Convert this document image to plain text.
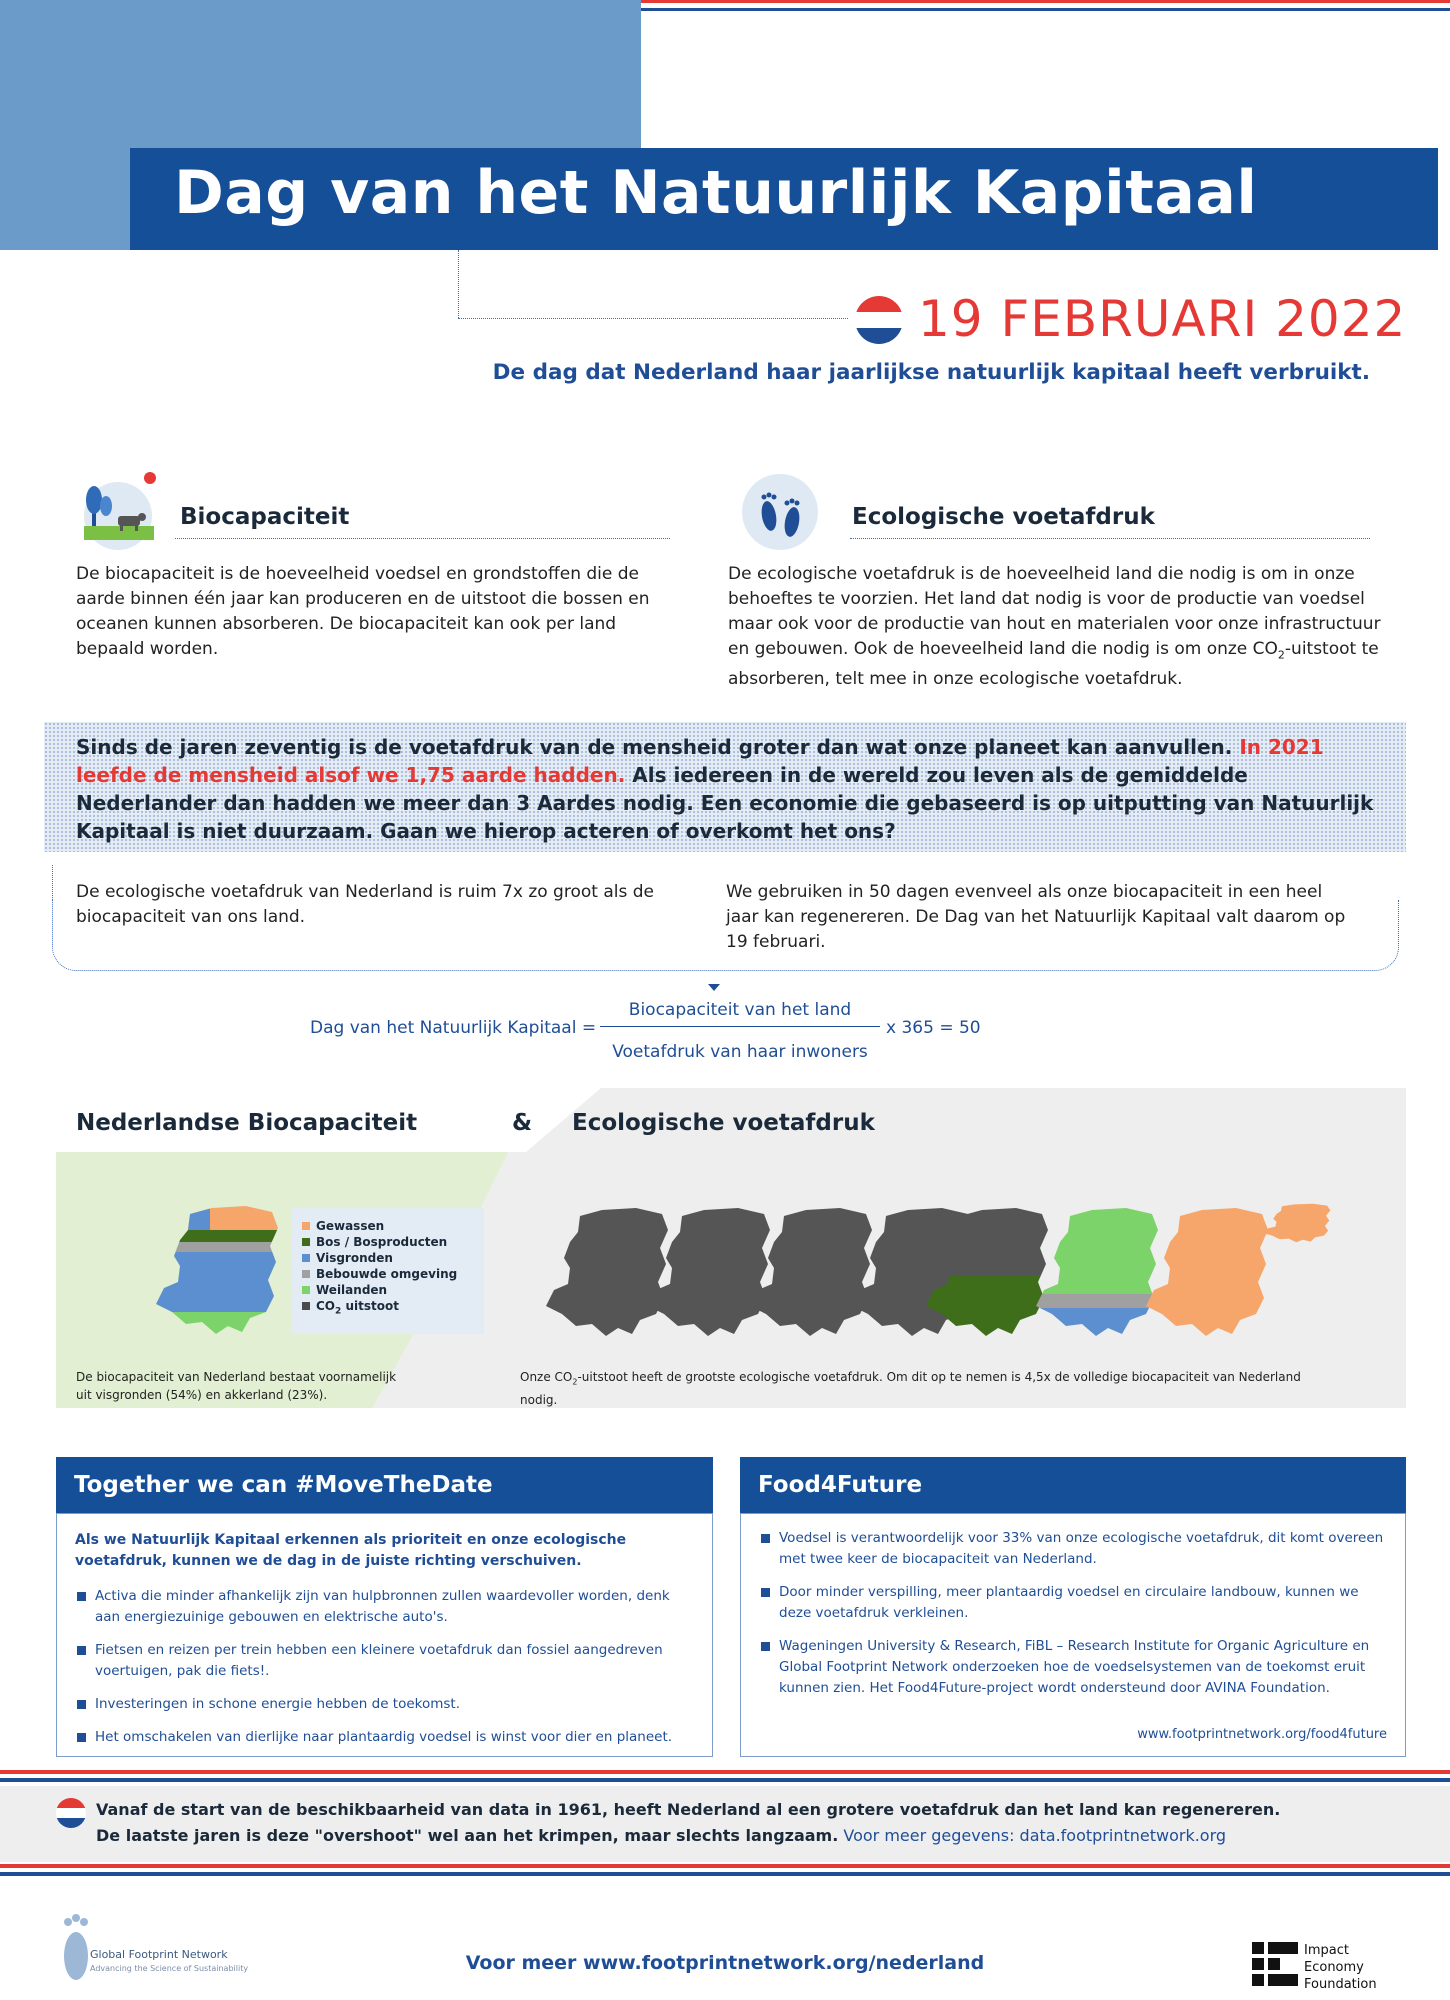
Dag van het Natuurlijk Kapitaal
19 FEBRUARI 2022
De dag dat Nederland haar jaarlijkse natuurlijk kapitaal heeft verbruikt.
Biocapaciteit
De biocapaciteit is de hoeveelheid voedsel en grondstoffen die de aarde binnen één jaar kan produceren en de uitstoot die bossen en oceanen kunnen absorberen. De biocapaciteit kan ook per land bepaald worden.
Ecologische voetafdruk
De ecologische voetafdruk is de hoeveelheid land die nodig is om in onze behoeftes te voorzien. Het land dat nodig is voor de productie van voedsel maar ook voor de productie van hout en materialen voor onze infrastructuur en gebouwen. Ook de hoeveelheid land die nodig is om onze $CO_2$-uitstoot te absorberen, telt mee in onze ecologische voetafdruk.
Sinds de jaren zeventig is de voetafdruk van de mensheid groter dan wat onze planeet kan aanvullen. In 2021 leefde de mensheid alsof we 1,75 aarde hadden. Als iedereen in de wereld zou leven als de gemiddelde Nederlander dan hadden we meer dan 3 Aardes nodig. Een economie die gebaseerd is op uitputting van Natuurlijk Kapitaal is niet duurzaam. Gaan we hierop acteren of overkomt het ons?
De ecologische voetafdruk van Nederland is ruim 7x zo groot als de biocapaciteit van ons land.
We gebruiken in 50 dagen evenveel als onze biocapaciteit in een heel jaar kan regenereren. De Dag van het Natuurlijk Kapitaal valt daarom op 19 februari.
Dag van het Natuurlijk Kapitaal =
Biocapaciteit van het land
Voetafdruk van haar inwoners
x 365 = 50
Nederlandse Biocapaciteit	& Ecologische voetafdruk
Gewassen
Bos / Bosproducten
Visgronden
Bebouwde omgeving
Weilanden
$CO_2$ uitstoot
De biocapaciteit van Nederland bestaat voornamelijk uit visgronden (54%) en akkerland (23%).
Onze $CO_2$-uitstoot heeft de grootste ecologische voetafdruk. Om dit op te nemen is 4,5x de volledige biocapaciteit van Nederland nodig.
Together we can #MoveTheDate
Als we Natuurlijk Kapitaal erkennen als prioriteit en onze ecologische voetafdruk, kunnen we de dag in de juiste richting verschuiven.
Activa die minder afhankelijk zijn van hulpbronnen zullen waardevoller worden, denk aan energiezuinige gebouwen en elektrische auto's.
Fietsen en reizen per trein hebben een kleinere voetafdruk dan fossiel aangedreven voertuigen, pak die fiets!.
Investeringen in schone energie hebben de toekomst.
Het omschakelen van dierlijke naar plantaardig voedsel is winst voor dier en planeet.
Food4Future
Voedsel is verantwoordelijk voor 33% van onze ecologische voetafdruk, dit komt overeen met twee keer de biocapaciteit van Nederland.
Door minder verspilling, meer plantaardig voedsel en circulaire landbouw, kunnen we deze voetafdruk verkleinen.
Wageningen University & Research, FiBL – Research Institute for Organic Agriculture en Global Footprint Network onderzoeken hoe de voedselsystemen van de toekomst eruit kunnen zien. Het Food4Future-project wordt ondersteund door AVINA Foundation.
www.footprintnetwork.org/food4future
Vanaf de start van de beschikbaarheid van data in 1961, heeft Nederland al een grotere voetafdruk dan het land kan regenereren.
De laatste jaren is deze "overshoot" wel aan het krimpen, maar slechts langzaam. Voor meer gegevens: data.footprintnetwork.org
Global Footprint Network
Advancing the Science of Sustainability	Voor meer www.footprintnetwork.org/nederland
Impact
Economy
Foundation
